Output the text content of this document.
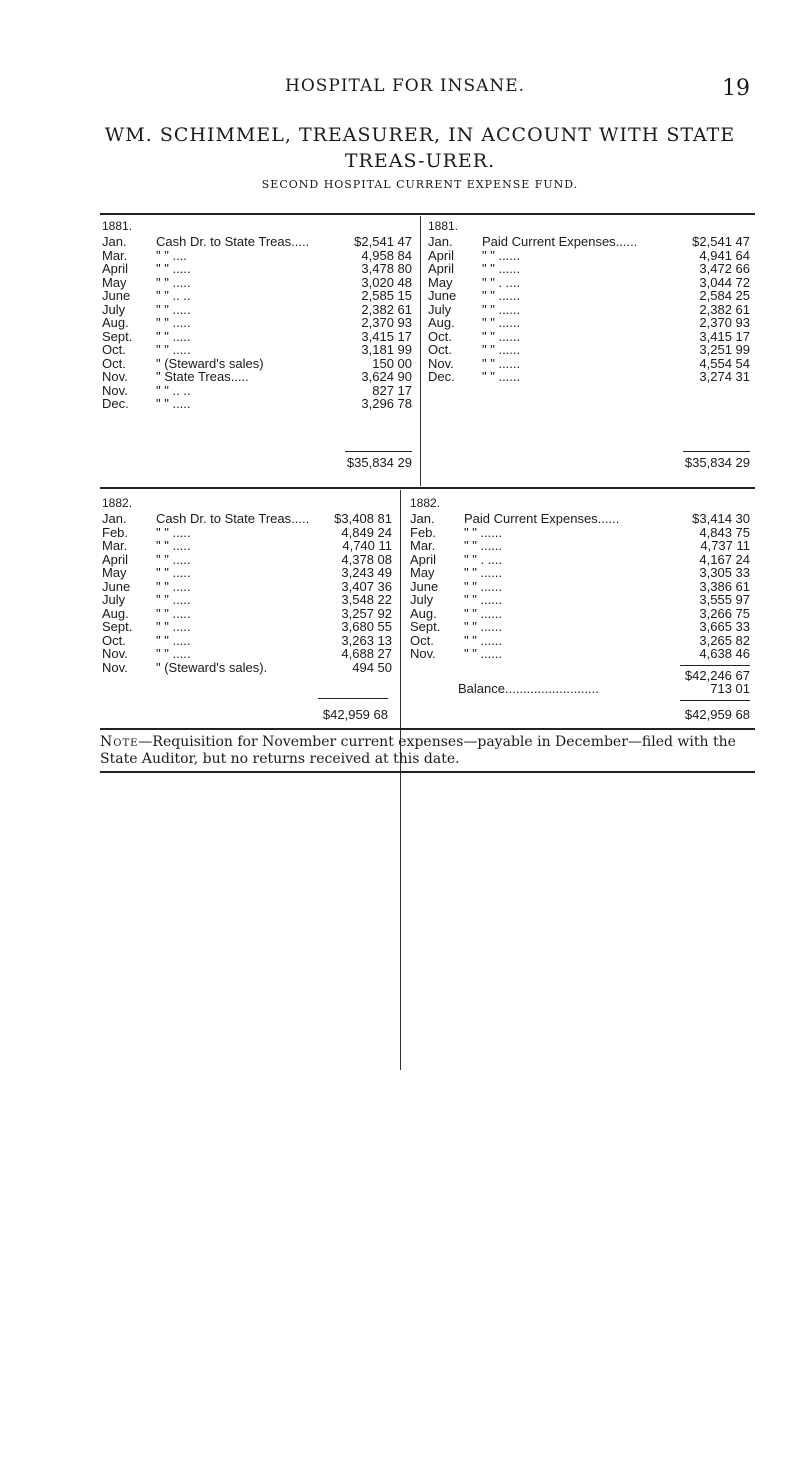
HOSPITAL FOR INSANE.	19
WM. SCHIMMEL, TREASURER, IN ACCOUNT WITH STATE TREAS-URER.
SECOND HOSPITAL CURRENT EXPENSE FUND.
1881.
Jan. Cash Dr. to State Treas.....	$2,541 47
Mar. " " ....	4,958 84
April " " .....	3,478 80
May " " .....	3,020 48
June " " .. ..	2,585 15
July " " .....	2,382 61
Aug. " " .....	2,370 93
Sept. " " .....	3,415 17
Oct. " " .....	3,181 99
Oct. " (Steward's sales)	150 00
Nov. " State Treas.....	3,624 90
Nov. " " .. ..	827 17
Dec. " " .....	3,296 78
$35,834 29
1881.
Jan. Paid Current Expenses......	$2,541 47
April " " ......	4,941 64
April " " ......	3,472 66
May " " . ....	3,044 72
June " " ......	2,584 25
July " " ......	2,382 61
Aug. " " ......	2,370 93
Oct. " " ......	3,415 17
Oct. " " ......	3,251 99
Nov. " " ......	4,554 54
Dec. " " ......	3,274 31
$35,834 29
1882.
Jan. Cash Dr. to State Treas..... $3,408 81
Feb. " " .....	4,849 24
Mar. " " .....	4,740 11
April " " .....	4,378 08
May " " .....	3,243 49
June " " .....	3,407 36
July " " .....	3,548 22
Aug. " " .....	3,257 92
Sept. " " .....	3,680 55
Oct. " " .....	3,263 13
Nov. " " .....	4,688 27
Nov. " (Steward's sales).	494 50
$42,959 68
1882.
Jan. Paid Current Expenses......	$3,414 30
Feb. " " ......	4,843 75
Mar. " " ......	4,737 11
April " " . ....	4,167 24
May " " ......	3,305 33
June " " ......	3,386 61
July " " ......	3,555 97
Aug. " " ......	3,266 75
Sept. " " ......	3,665 33
Oct. " " ......	3,265 82
Nov. " " ......	4,638 46
$42,246 67
Balance..........................	713 01
$42,959 68
Note—Requisition for November current expenses—payable in December—filed with the State Auditor, but no returns received at this date.
